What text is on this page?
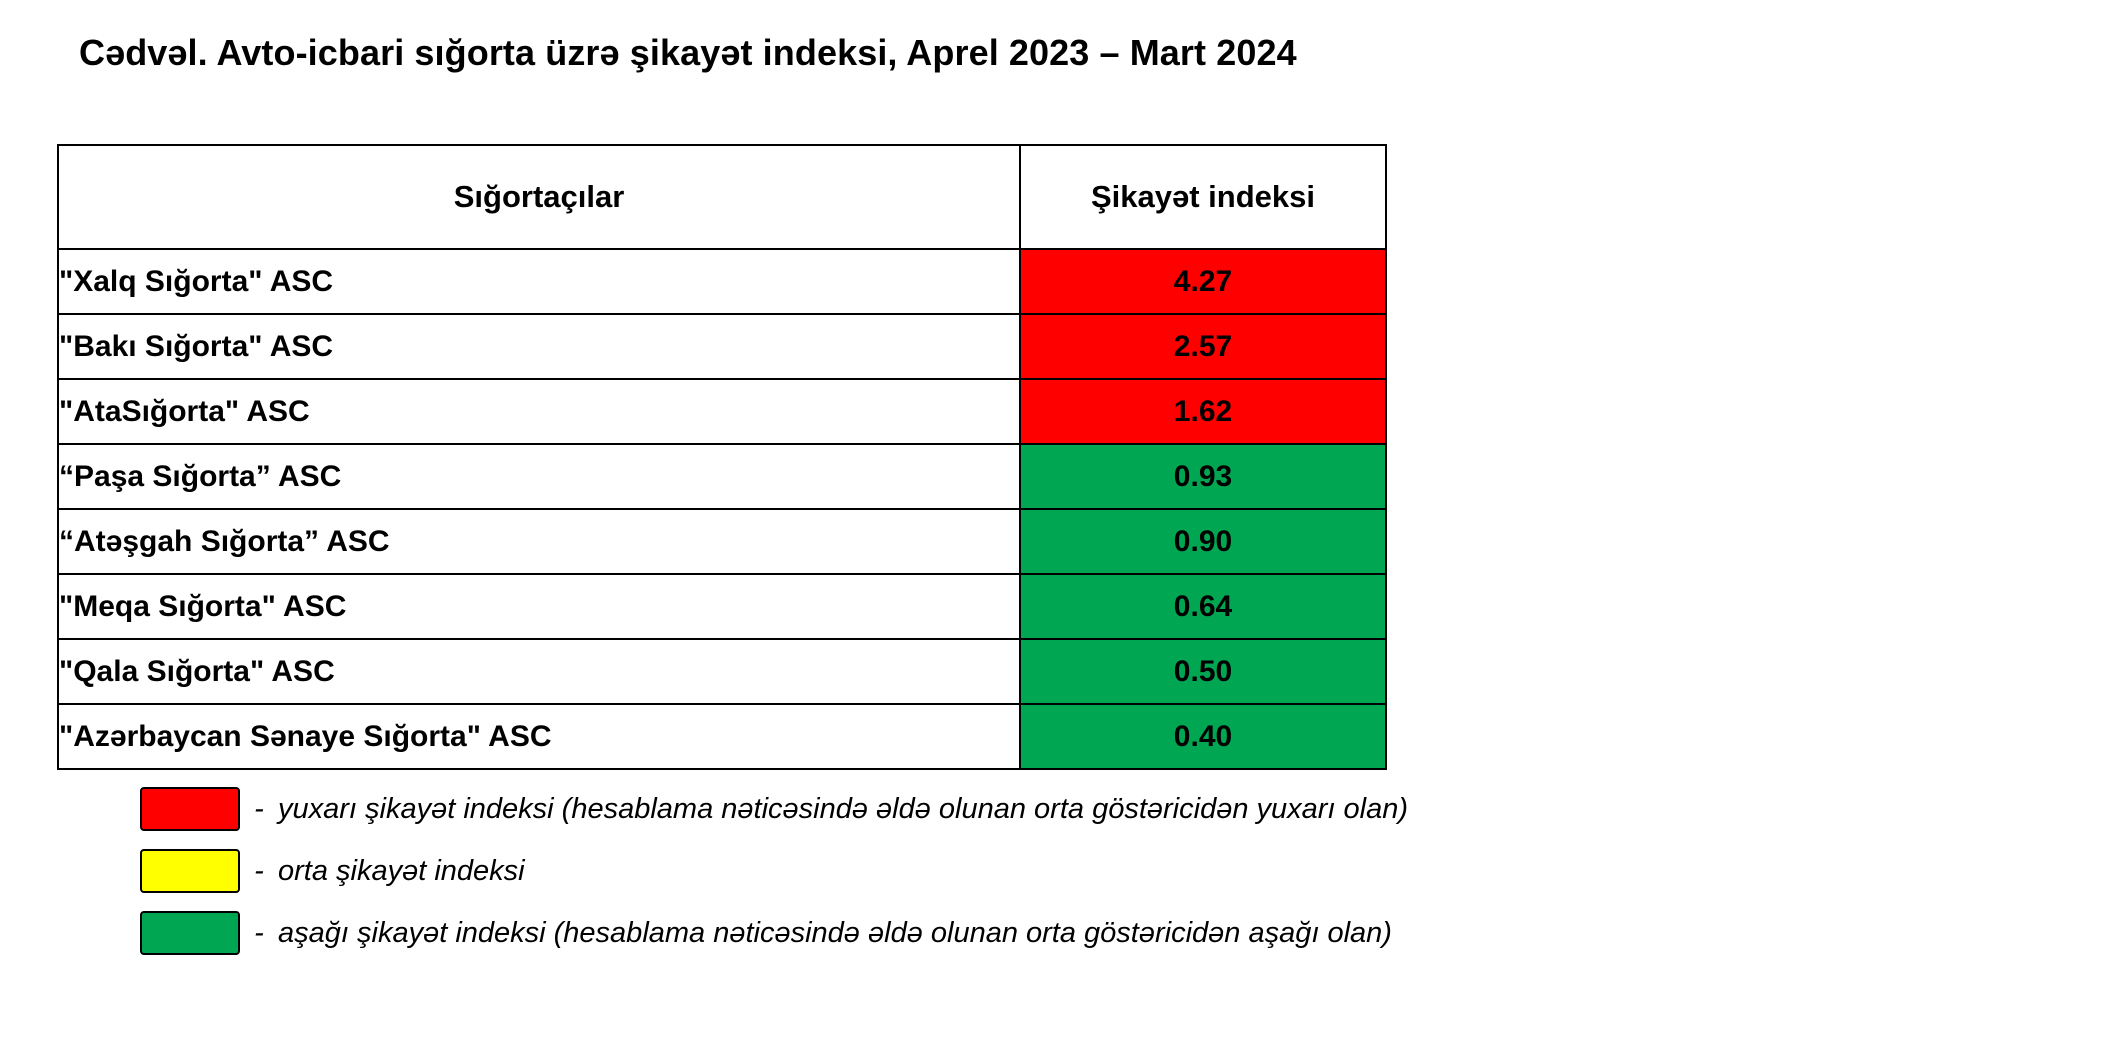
Cədvəl. Avto-icbari sığorta üzrə şikayət indeksi, Aprel 2023 – Mart 2024
Sığortaçılar	Şikayət indeksi
"Xalq Sığorta" ASC	4.27
"Bakı Sığorta" ASC	2.57
"AtaSığorta" ASC	1.62
“Paşa Sığorta” ASC	0.93
“Atəşgah Sığorta” ASC	0.90
"Meqa Sığorta" ASC	0.64
"Qala Sığorta" ASC	0.50
"Azərbaycan Sənaye Sığorta" ASC	0.40
- yuxarı şikayət indeksi (hesablama nəticəsində əldə olunan orta göstəricidən yuxarı olan)
- orta şikayət indeksi
- aşağı şikayət indeksi (hesablama nəticəsində əldə olunan orta göstəricidən aşağı olan)
